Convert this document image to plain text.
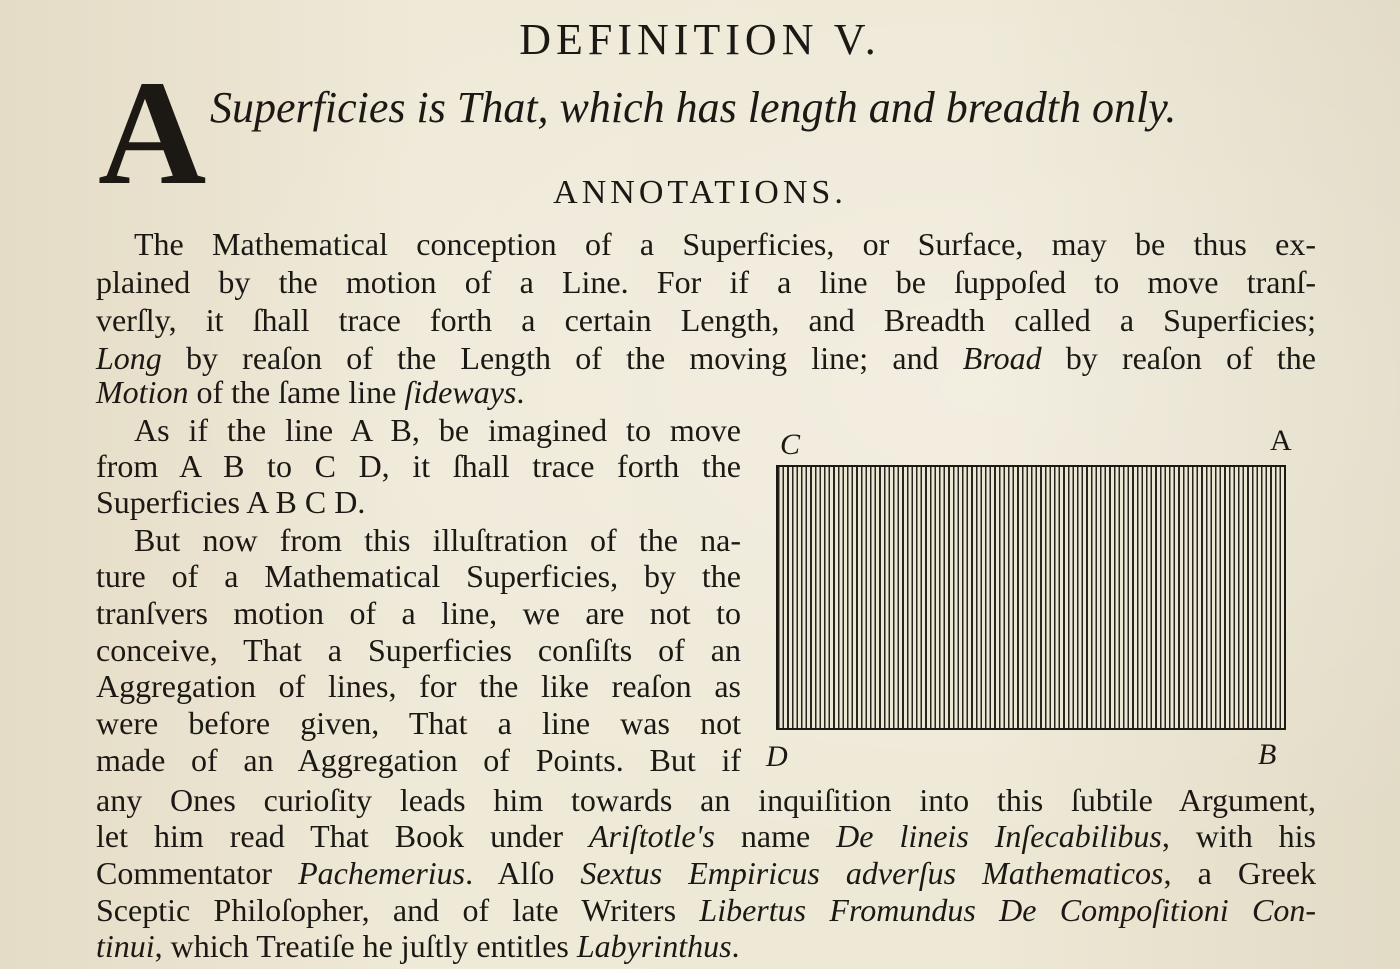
DEFINITION V.
A Superficies is That, which has length and breadth only.
ANNOTATIONS.
The Mathematical conception of a Superficies, or Surface, may be thus ex-
plained by the motion of a Line. For if a line be ſuppoſed to move tranſ-
verſly, it ſhall trace forth a certain Length, and Breadth called a Superficies;
Long by reaſon of the Length of the moving line; and Broad by reaſon of the
Motion of the ſame line ſideways.
As if the line A B, be imagined to move
from A B to C D, it ſhall trace forth the
Superficies A B C D.
But now from this illuſtration of the na-
ture of a Mathematical Superficies, by the
tranſvers motion of a line, we are not to
conceive, That a Superficies conſiſts of an
Aggregation of lines, for the like reaſon as
were before given, That a line was not
made of an Aggregation of Points. But if
any Ones curioſity leads him towards an inquiſition into this ſubtile Argument,
let him read That Book under Ariſtotle's name De lineis Inſecabilibus, with his
Commentator Pachemerius. Alſo Sextus Empiricus adverſus Mathematicos, a Greek
Sceptic Philoſopher, and of late Writers Libertus Fromundus De Compoſitioni Con-
tinui, which Treatiſe he juſtly entitles Labyrinthus.
C	A
D	B
